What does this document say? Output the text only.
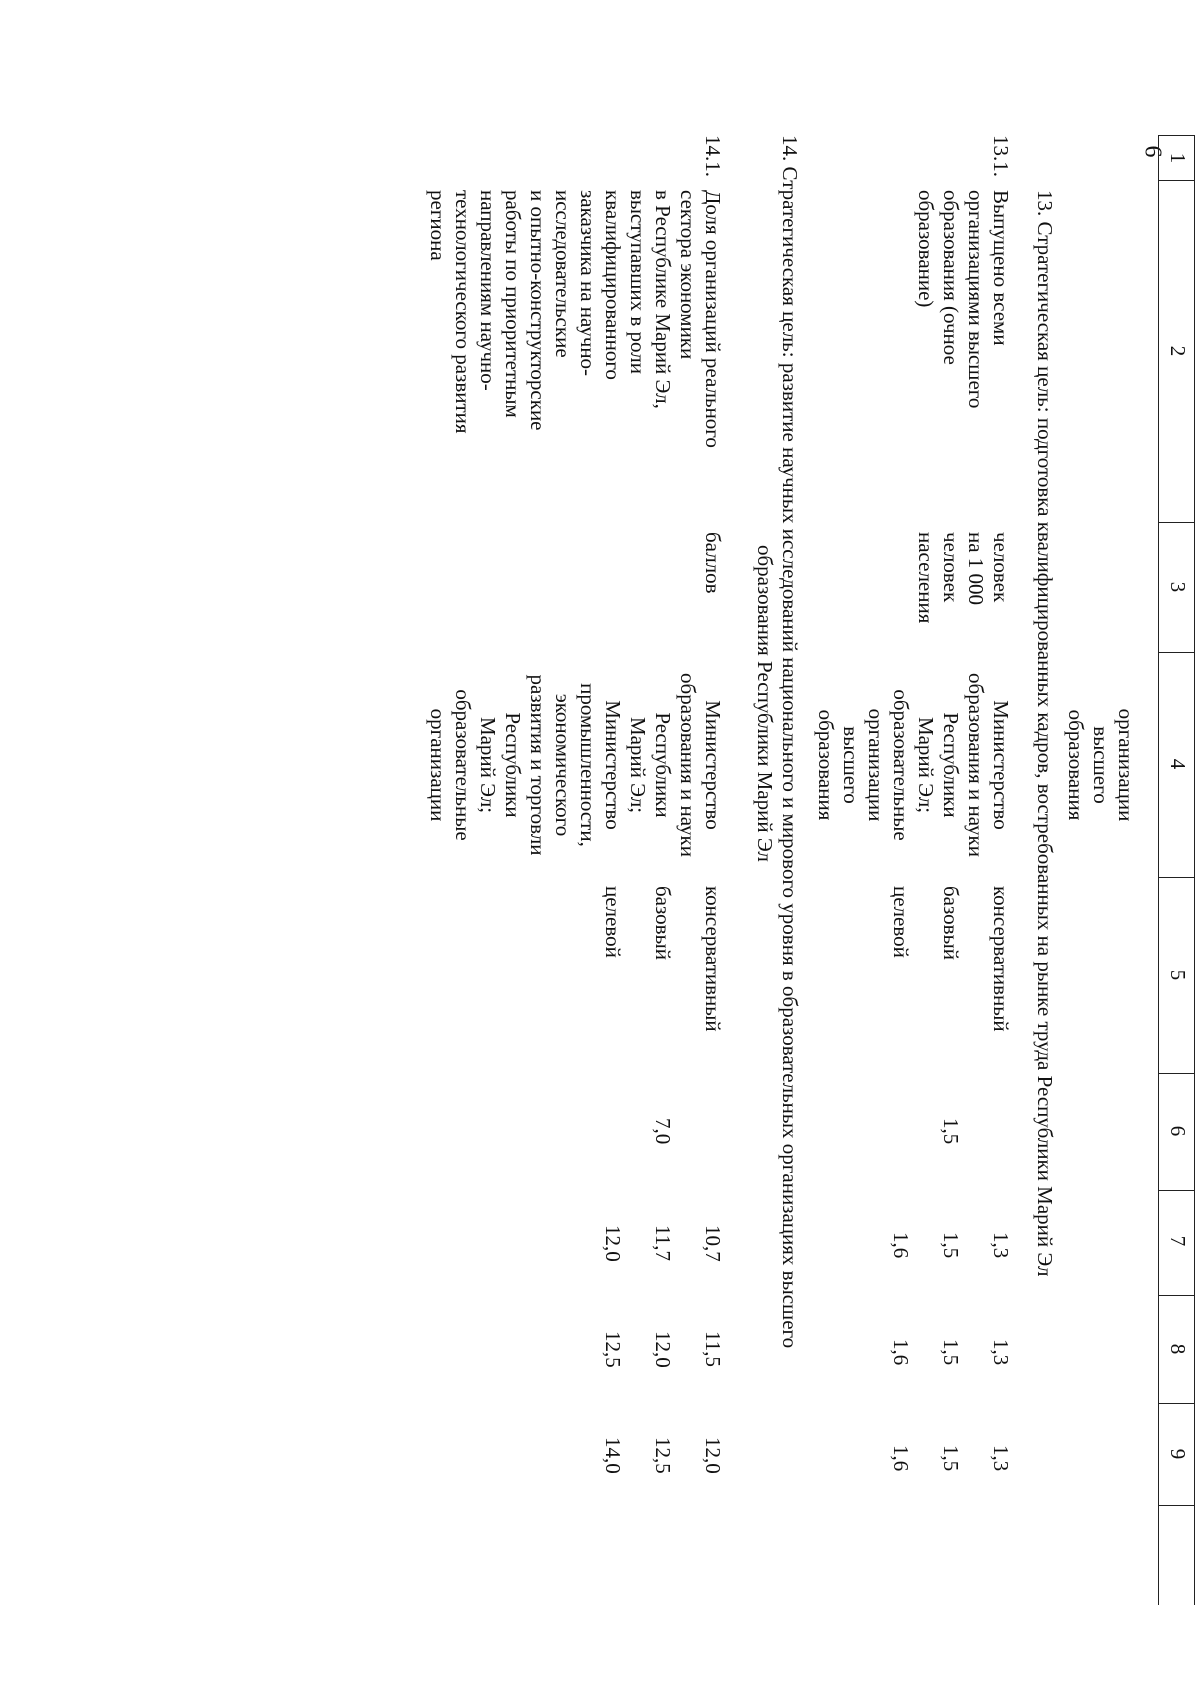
6
1
2
3
4
5
6
7
8
9
организации
высшего
образования
13. Стратегическая цель: подготовка квалифицированных кадров, востребованных на рынке труда Республики Марий Эл
13.1.
Выпущено всеми
организациями высшего
образования (очное
образование)
человек
на 1 000
человек
населения
Министерство
образования и науки
Республики
Марий Эл;
образовательные
организации
высшего
образования
консервативный
базовый
целевой
1,5
1,3
1,5
1,6
1,3
1,5
1,6
1,3
1,5
1,6
14. Стратегическая цель: развитие научных исследований национального и мирового уровня в образовательных организациях высшего
образования Республики Марий Эл
14.1.
Доля организаций реального
сектора экономики
в Республике Марий Эл,
выступавших в роли
квалифицированного
заказчика на научно-
исследовательские
и опытно-конструкторские
работы по приоритетным
направлениям научно-
технологического развития
региона
баллов
Министерство
образования и науки
Республики
Марий Эл;
Министерство
промышленности,
экономического
развития и торговли
Республики
Марий Эл;
образовательные
организации
консервативный
базовый
целевой
7,0
10,7
11,7
12,0
11,5
12,0
12,5
12,0
12,5
14,0
